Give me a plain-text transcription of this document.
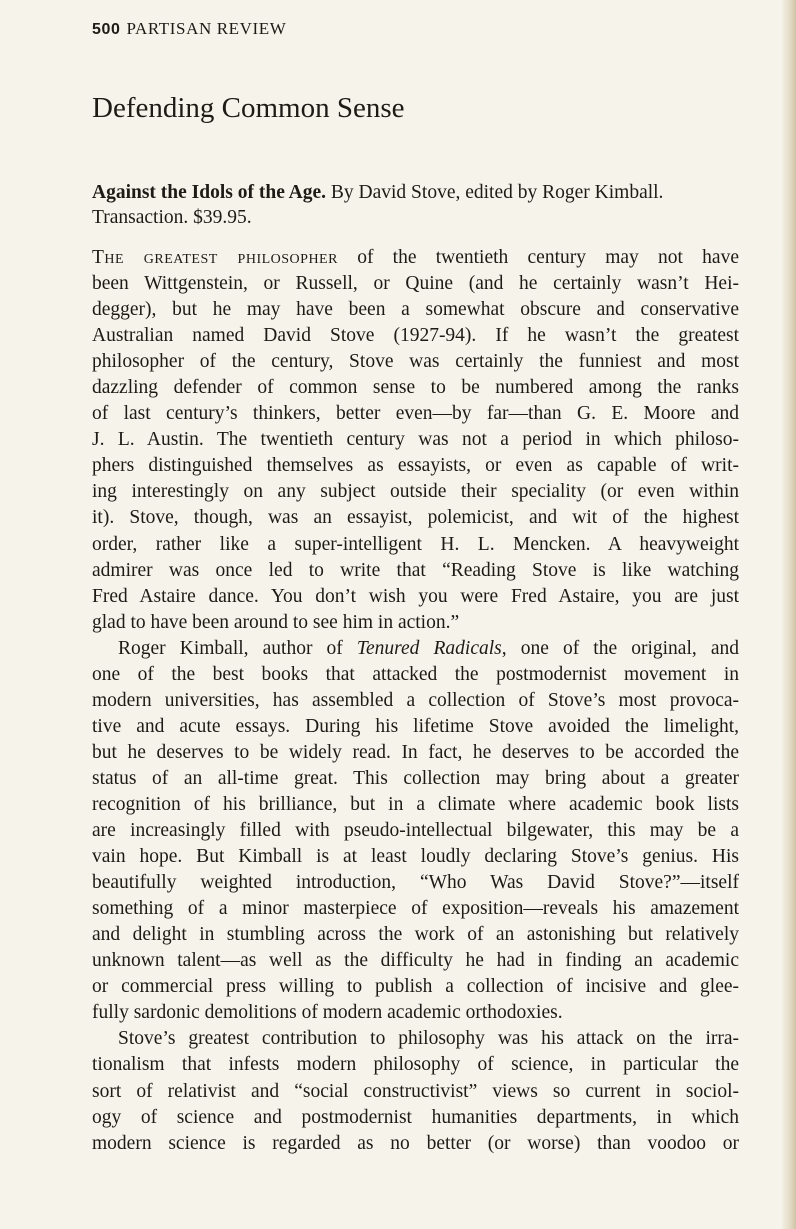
500 PARTISAN REVIEW
Defending Common Sense
Against the Idols of the Age. By David Stove, edited by Roger Kimball.
Transaction. $39.95.
The greatest philosopher of the twentieth century may not have
been Wittgenstein, or Russell, or Quine (and he certainly wasn’t Hei-
degger), but he may have been a somewhat obscure and conservative
Australian named David Stove (1927-94). If he wasn’t the greatest
philosopher of the century, Stove was certainly the funniest and most
dazzling defender of common sense to be numbered among the ranks
of last century’s thinkers, better even—by far—than G. E. Moore and
J. L. Austin. The twentieth century was not a period in which philoso-
phers distinguished themselves as essayists, or even as capable of writ-
ing interestingly on any subject outside their speciality (or even within
it). Stove, though, was an essayist, polemicist, and wit of the highest
order, rather like a super-intelligent H. L. Mencken. A heavyweight
admirer was once led to write that “Reading Stove is like watching
Fred Astaire dance. You don’t wish you were Fred Astaire, you are just
glad to have been around to see him in action.”
Roger Kimball, author of Tenured Radicals, one of the original, and
one of the best books that attacked the postmodernist movement in
modern universities, has assembled a collection of Stove’s most provoca-
tive and acute essays. During his lifetime Stove avoided the limelight,
but he deserves to be widely read. In fact, he deserves to be accorded the
status of an all-time great. This collection may bring about a greater
recognition of his brilliance, but in a climate where academic book lists
are increasingly filled with pseudo-intellectual bilgewater, this may be a
vain hope. But Kimball is at least loudly declaring Stove’s genius. His
beautifully weighted introduction, “Who Was David Stove?”—itself
something of a minor masterpiece of exposition—reveals his amazement
and delight in stumbling across the work of an astonishing but relatively
unknown talent—as well as the difficulty he had in finding an academic
or commercial press willing to publish a collection of incisive and glee-
fully sardonic demolitions of modern academic orthodoxies.
Stove’s greatest contribution to philosophy was his attack on the irra-
tionalism that infests modern philosophy of science, in particular the
sort of relativist and “social constructivist” views so current in sociol-
ogy of science and postmodernist humanities departments, in which
modern science is regarded as no better (or worse) than voodoo or
